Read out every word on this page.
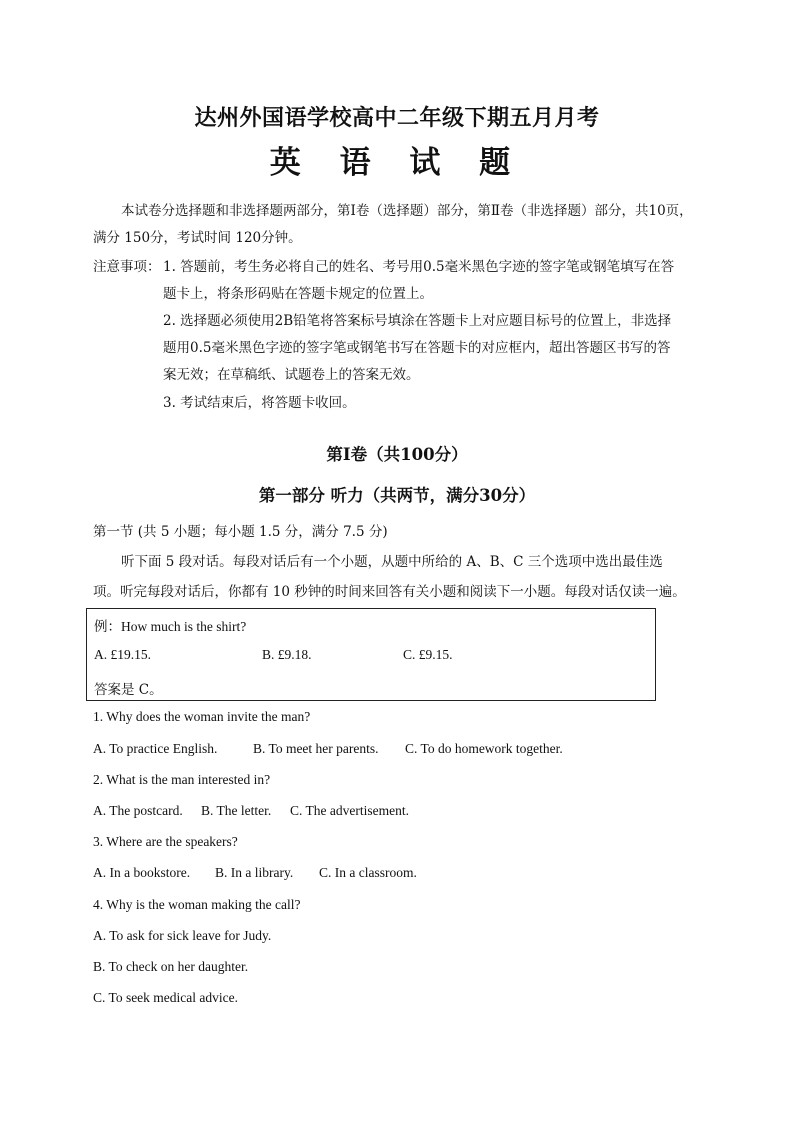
达州外国语学校高中二年级下期五月月考
英 语 试 题
本试卷分选择题和非选择题两部分，第Ⅰ卷（选择题）部分，第Ⅱ卷（非选择题）部分，共10页，满分 150分，考试时间 120分钟。
注意事项： 1. 答题前，考生务必将自己的姓名、考号用0.5毫米黑色字迹的签字笔或钢笔填写在答
题卡上，将条形码贴在答题卡规定的位置上。
2. 选择题必须使用2B铅笔将答案标号填涂在答题卡上对应题目标号的位置上，非选择
题用0.5毫米黑色字迹的签字笔或钢笔书写在答题卡的对应框内，超出答题区书写的答
案无效；在草稿纸、试题卷上的答案无效。
3. 考试结束后，将答题卡收回。
第Ⅰ卷（共100分）
第一部分 听力（共两节，满分30分）
第一节 (共 5 小题；每小题 1.5 分，满分 7.5 分)
听下面 5 段对话。每段对话后有一个小题，从题中所给的 A、B、C 三个选项中选出最佳选
项。听完每段对话后，你都有 10 秒钟的时间来回答有关小题和阅读下一小题。每段对话仅读一遍。
例：How much is the shirt?
A. £19.15.	B. £9.18.	C. £9.15.
答案是 C。
1. Why does the woman invite the man?
A. To practice English.	B. To meet her parents. C. To do homework together.
2. What is the man interested in?
A. The postcard. B. The letter. C. The advertisement.
3. Where are the speakers?
A. In a bookstore. B. In a library. C. In a classroom.
4. Why is the woman making the call?
A. To ask for sick leave for Judy.
B. To check on her daughter.
C. To seek medical advice.
